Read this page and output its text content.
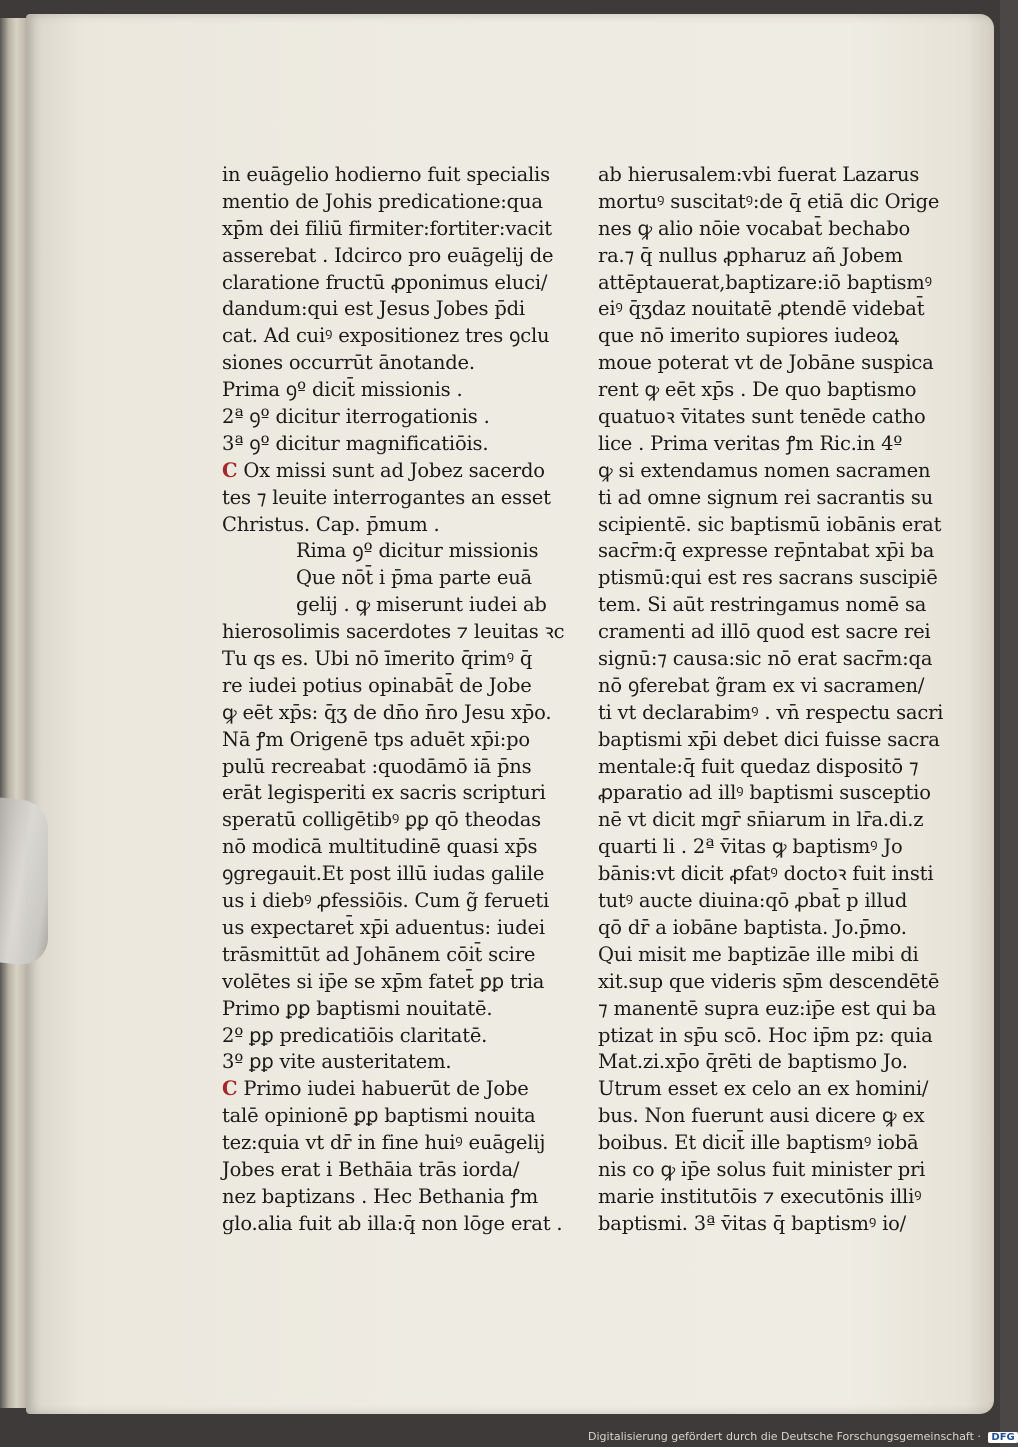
in euāgelio hodierno fuit specialis
mentio de Johis predicatione:qua
xp̄m dei filiū firmiter:fortiter:vacit
asserebat . Idcirco pro euāgelij de
claratione fructū ꝓponimus eluci/
dandum:qui est Jesus Jobes p̄di
cat. Ad cuiꝰ expositionez tres ꝯclu
siones occurrūt ānotande.
Prima ꝯº dicit̄ missionis .
2ª ꝯº dicitur iterrogationis .
3ª ꝯº dicitur magnificatiōis.
C Ox missi sunt ad Jobez sacerdo
tes ⁊ leuite interrogantes an esset
Christus. Cap. p̄mum .
Rima ꝯº dicitur missionis
Que nōt̄ i p̄ma parte euā
gelij . ꝙ miserunt iudei ab
hierosolimis sacerdotes ⁊ leuitas ꝛc
Tu qs es. Ubi nō īmerito q̄rimꝰ q̄
re iudei potius opinabāt̄ de Jobe
ꝙ eēt xp̄s: q̄ʒ de dn̄o n̄ro Jesu xp̄o.
Nā ꝭm Origenē tps aduēt xp̄i:po
pulū recreabat :quodāmō iā p̄ns
erāt legisperiti ex sacris scripturi
speratū colligētibꝰ ꝑꝑ qō theodas
nō modicā multitudinē quasi xp̄s
ꝯgregauit.Et post illū iudas galile
us i diebꝰ ꝓfessiōis. Cum g̃ ferueti
us expectaret̄ xp̄i aduentus: iudei
trāsmittūt ad Johānem cōit̄ scire
volētes si ip̄e se xp̄m fatet̄ ꝑꝑ tria
Primo ꝑꝑ baptismi nouitatē.
2º ꝑꝑ predicatiōis claritatē.
3º ꝑꝑ vite austeritatem.
C Primo iudei habuerūt de Jobe
talē opinionē ꝑꝑ baptismi nouita
tez:quia vt dr̄ in fine huiꝰ euāgelij
Jobes erat i Bethāia trās iorda/
nez baptizans . Hec Bethania ꝭm
glo.alia fuit ab illa:q̄ non lōge erat .
ab hierusalem:vbi fuerat Lazarus
mortuꝰ suscitatꝰ:de q̄ etiā dic Orige
nes ꝙ alio nōie vocabat̄ bechabo
ra.⁊ q̄ nullus ꝓpharuz añ Jobem
attēptauerat,baptizare:iō baptismꝰ
eiꝰ q̄ʒdaz nouitatē ꝓtendē videbat̄
que nō imerito supiores iudeoꝝ
moue poterat vt de Jobāne suspica
rent ꝙ eēt xp̄s . De quo baptismo
quatuoꝛ v̄itates sunt tenēde catho
lice . Prima veritas ꝭm Ric.in 4º
ꝙ si extendamus nomen sacramen
ti ad omne signum rei sacrantis su
scipientē. sic baptismū iobānis erat
sacr̄m:q̄ expresse rep̄ntabat xp̄i ba
ptismū:qui est res sacrans suscipiē
tem. Si aūt restringamus nomē sa
cramenti ad illō quod est sacre rei
signū:⁊ causa:sic nō erat sacr̄m:qa
nō ꝯferebat g̃ram ex vi sacramen/
ti vt declarabimꝰ . vn̄ respectu sacri
baptismi xp̄i debet dici fuisse sacra
mentale:q̄ fuit quedaz dispositō ⁊
ꝓparatio ad illꝰ baptismi susceptio
nē vt dicit mgr̄ sn̄iarum in lr̄a.di.z
quarti li . 2ª v̄itas ꝙ baptismꝰ Jo
bānis:vt dicit ꝓfatꝰ doctoꝛ fuit insti
tutꝰ aucte diuina:qō ꝓbat̄ p illud
qō dr̄ a iobāne baptista. Jo.p̄mo.
Qui misit me baptizāe ille mibi di
xit.sup que videris sp̄m descendētē
⁊ manentē supra euz:ip̄e est qui ba
ptizat in sp̄u scō. Hoc ip̄m pz: quia
Mat.zi.xp̄o q̄rēti de baptismo Jo.
Utrum esset ex celo an ex homini/
bus. Non fuerunt ausi dicere ꝙ ex
boibus. Et dicit̄ ille baptismꝰ iobā
nis co ꝙ ip̄e solus fuit minister pri
marie institutōis ⁊ executōnis illiꝰ
baptismi. 3ª v̄itas q̄ baptismꝰ io/
Digitalisierung gefördert durch die Deutsche Forschungsgemeinschaft · DFG
